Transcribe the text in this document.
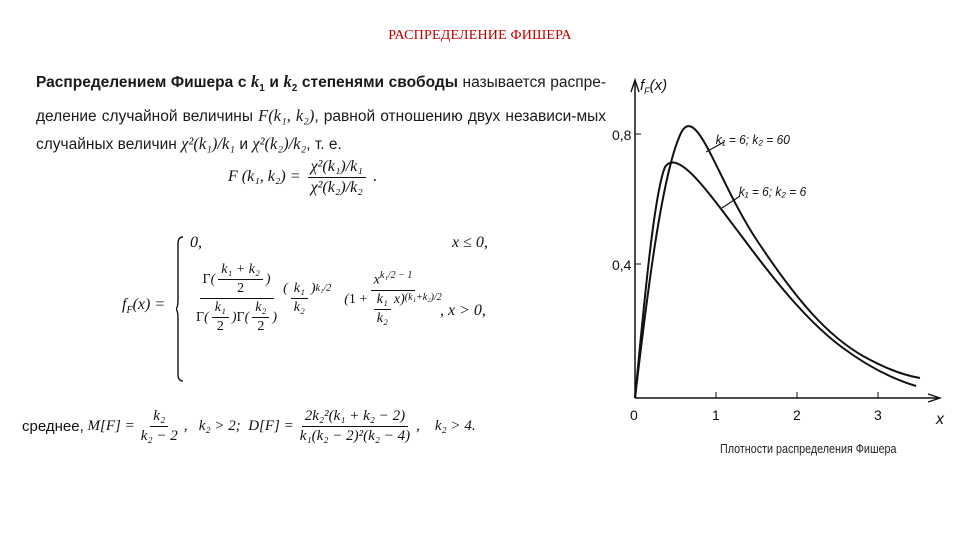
РАСПРЕДЕЛЕНИЕ ФИШЕРА
Распределением Фишера с $k_1$ и $k_2$ степенями свободы называется распре-деление случайной величины F(k₁, k₂), равной отношению двух независи-мых случайных величин χ²(k₁)/k₁ и χ²(k₂)/k₂, т. е.
F (k₁, $k_2) = \frac{\text{χ²(k₁)/k₁}}{\text{χ²(k₂)/k₂}}$ .
$f_F(x)$ =
0,	x ≤ 0,
$\frac{\Gamma ( \frac{\text{k₁ + k₂}}{2} )}{\Gamma ( \frac{\text{k₁}}{2} ) \Gamma ( \frac{\text{k₂}}{2} )}$ ( $\frac{\text{k₁}}{\text{k₂}} )^{k_1/2}$ $x^{k_1/2 - 1}$
( 1 +
$\frac{\text{k₁}}{\text{k₂}}$ x ) (k₁+k₂)/2
, x > 0,
среднее,
$M[F] = \frac{\text{k₂}}{\text{k₂ − 2}}$ ,   k₂ > 2;
$D[F] = \frac{\text{2k₂²(k₁ + k₂ − 2)}}{\text{k₁(k₂ − 2)²(k₂ − 4)}}$ ,    k₂ > 4.
$f_F(x)$
x
0,8
0,4
0	1	2	3
k₁ = 6; k₂ = 60
k₁ = 6; k₂ = 6
Плотности распределения Фишера
